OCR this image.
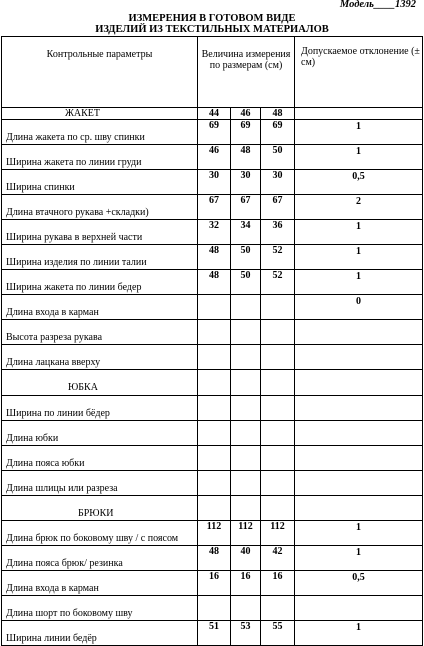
Модель____1392
ИЗМЕРЕНИЯ В ГОТОВОМ ВИДЕ
ИЗДЕЛИЙ ИЗ ТЕКСТИЛЬНЫХ МАТЕРИАЛОВ
Контрольные параметры	Величина измерения по размерам (см)			Допускаемое отклонение (± см)
ЖАКЕТ	44	46	48	
Длина жакета по ср. шву спинки	69	69	69	1
Ширина жакета по линии груди	46	48	50	1
Ширина спинки	30	30	30	0,5
Длина втачного рукава +складки)	67	67	67	2
Ширина рукава в верхней части	32	34	36	1
Ширина изделия по линии талии	48	50	52	1
Ширина жакета по линии бедер	48	50	52	1
Длина входа в карман				0
Высота разреза рукава				
Длина лацкана вверху				
ЮБКА				
Ширина по линии бёдер				
Длина юбки				
Длина пояса юбки				
Длина шлицы или разреза				
БРЮКИ				
Длина брюк по боковому шву / с поясом	112	112	112	1
Длина пояса брюк/ резинка	48	40	42	1
Длина входа в карман	16	16	16	0,5
Длина шорт по боковому шву				
Ширина линии бедёр	51	53	55	1
